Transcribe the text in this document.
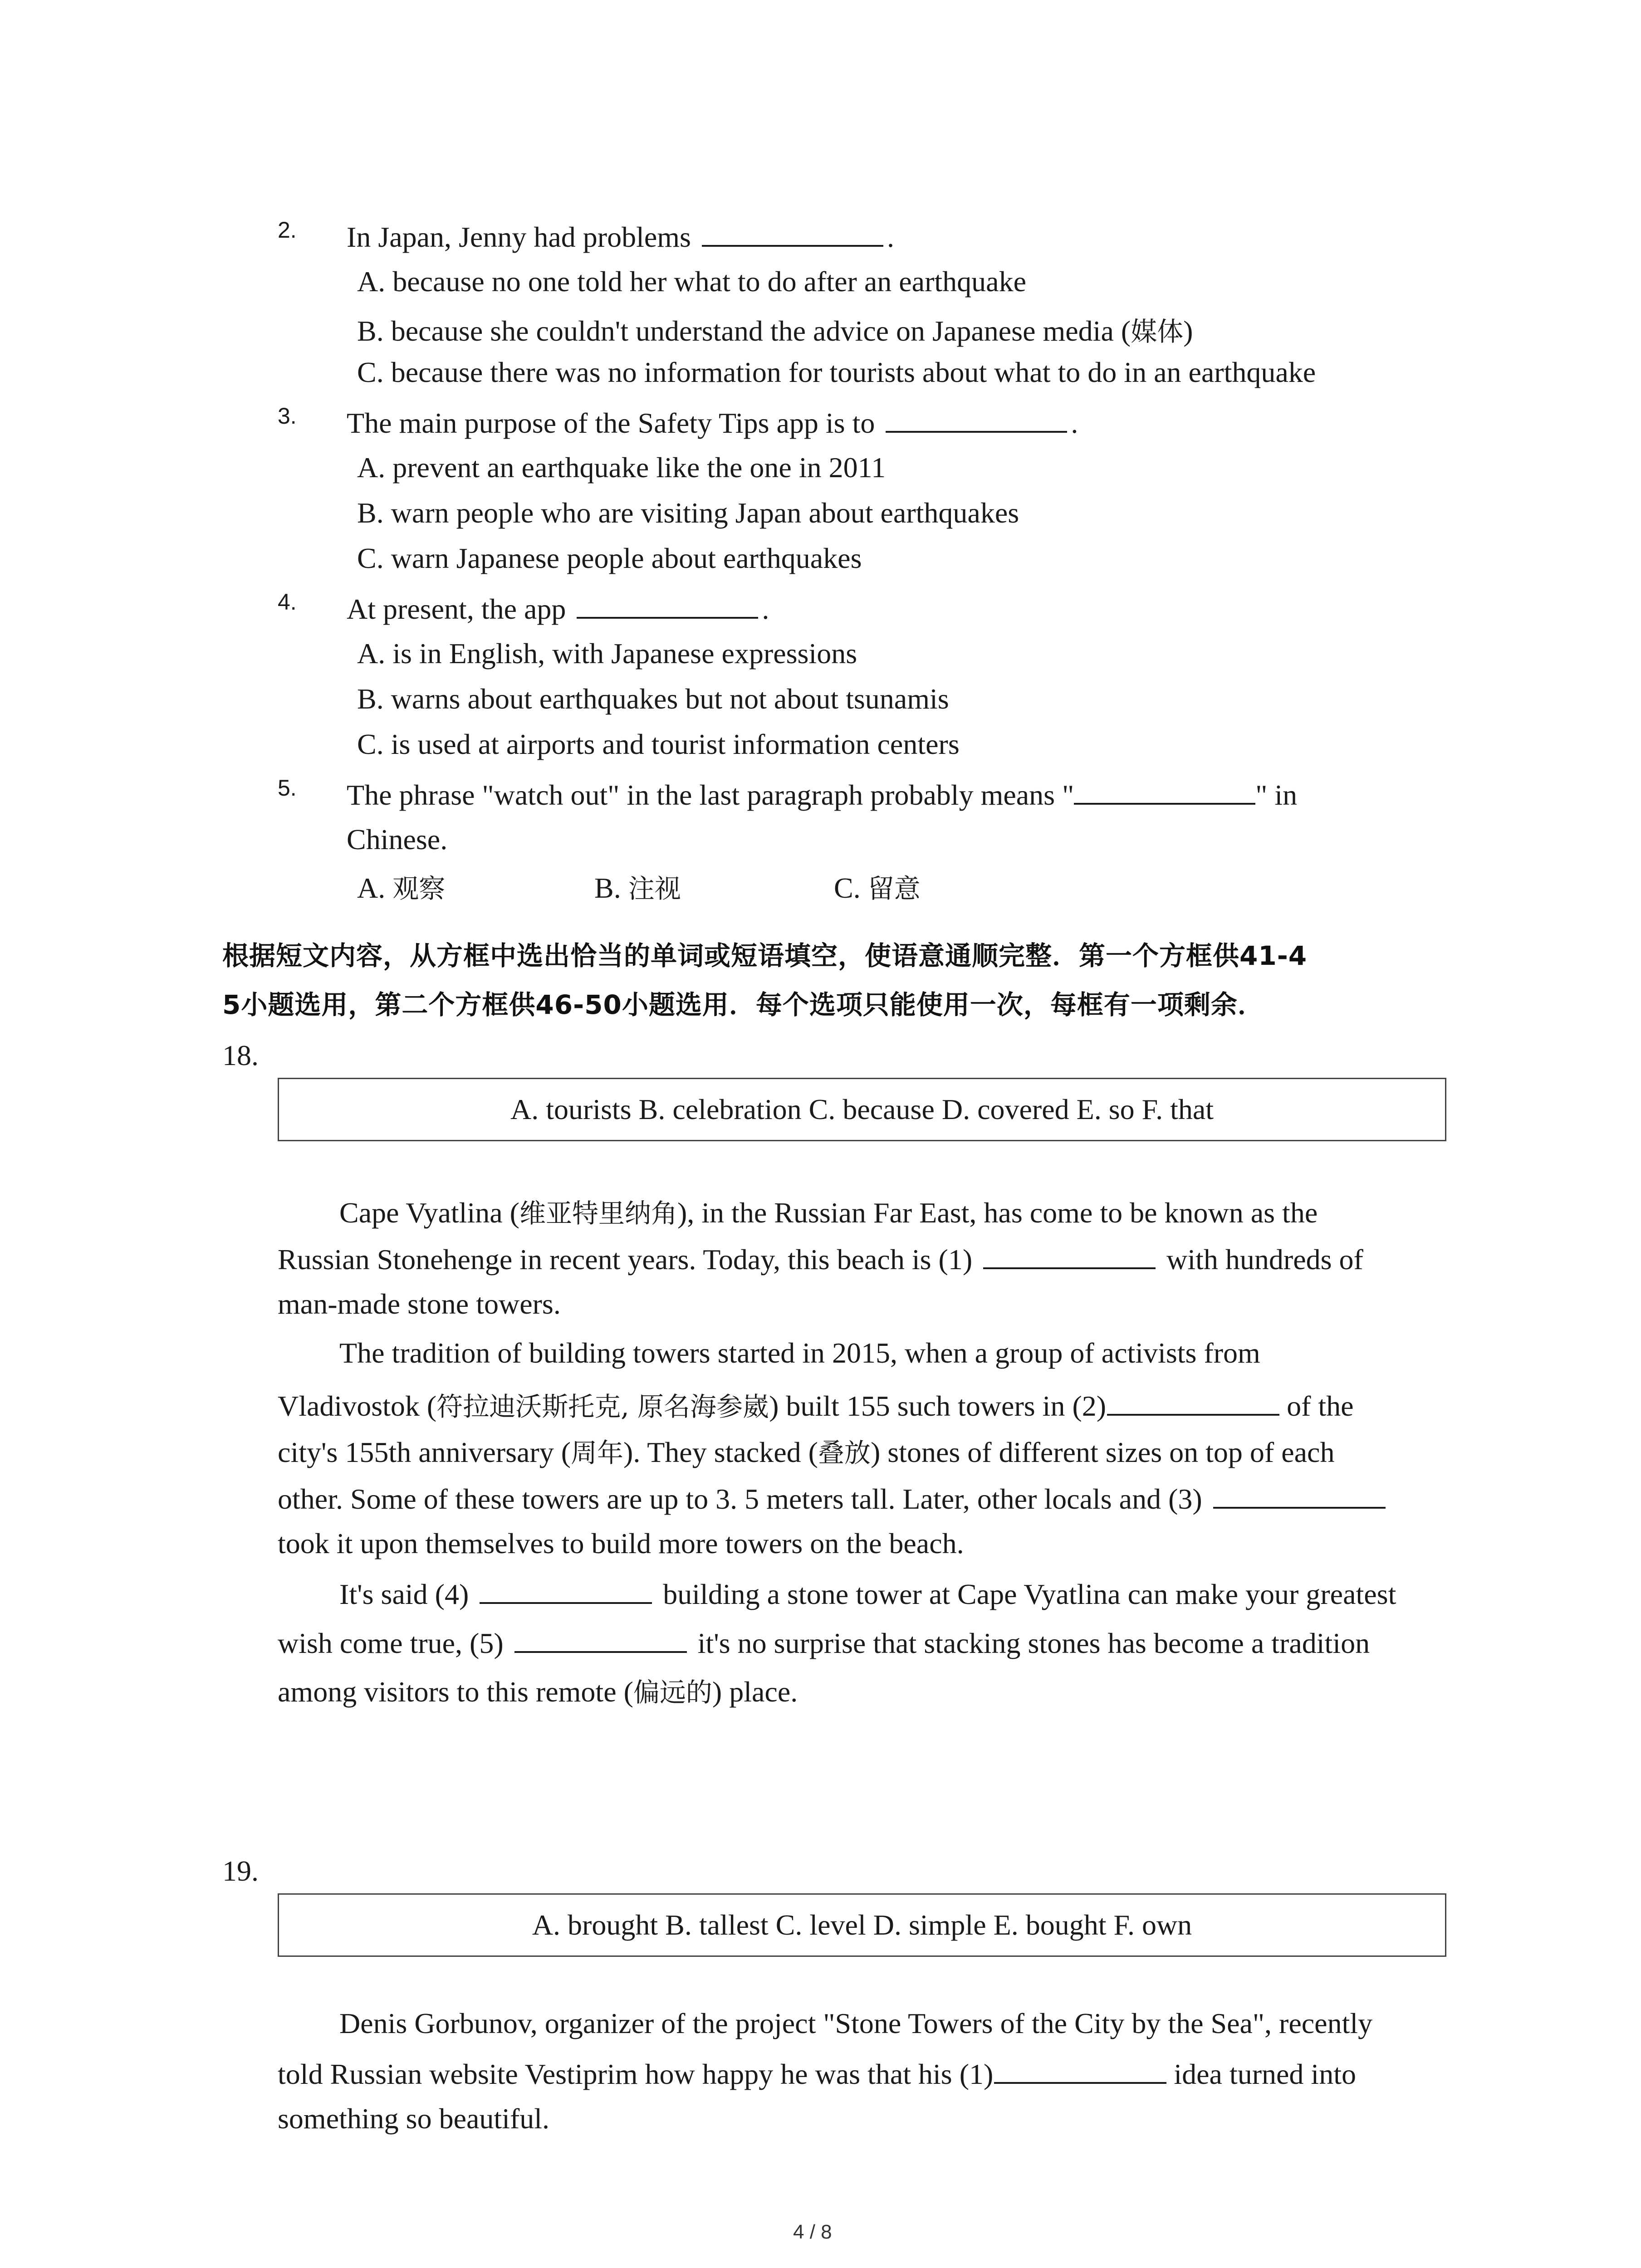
2. In Japan, Jenny had problems	.
A. because no one told her what to do after an earthquake
B. because she couldn't understand the advice on Japanese media (媒体)
C. because there was no information for tourists about what to do in an earthquake
3. The main purpose of the Safety Tips app is to	.
A. prevent an earthquake like the one in 2011
B. warn people who are visiting Japan about earthquakes
C. warn Japanese people about earthquakes
4. At present, the app	.
A. is in English, with Japanese expressions
B. warns about earthquakes but not about tsunamis
C. is used at airports and tourist information centers
5. The phrase "watch out" in the last paragraph probably means "	" in
Chinese.
A. 观察	B. 注视	C. 留意
根据短文内容，从方框中选出恰当的单词或短语填空，使语意通顺完整．第一个方框供41-4
5小题选用，第二个方框供46-50小题选用．每个选项只能使用一次，每框有一项剩余．
18.
A. tourists B. celebration C. because D. covered E. so F. that
Cape Vyatlina (维亚特里纳角), in the Russian Far East, has come to be known as the
Russian Stonehenge in recent years. Today, this beach is (1)	with hundreds of
man-made stone towers.
The tradition of building towers started in 2015, when a group of activists from
Vladivostok (符拉迪沃斯托克, 原名海参崴) built 155 such towers in (2)	of the
city's 155th anniversary (周年). They stacked (叠放) stones of different sizes on top of each
other. Some of these towers are up to 3. 5 meters tall. Later, other locals and (3)
took it upon themselves to build more towers on the beach.
It's said (4)	building a stone tower at Cape Vyatlina can make your greatest
wish come true, (5)	it's no surprise that stacking stones has become a tradition
among visitors to this remote (偏远的) place.
19.
A. brought B. tallest C. level D. simple E. bought F. own
Denis Gorbunov, organizer of the project "Stone Towers of the City by the Sea", recently
told Russian website Vestiprim how happy he was that his (1)	idea turned into
something so beautiful.
4 / 8
